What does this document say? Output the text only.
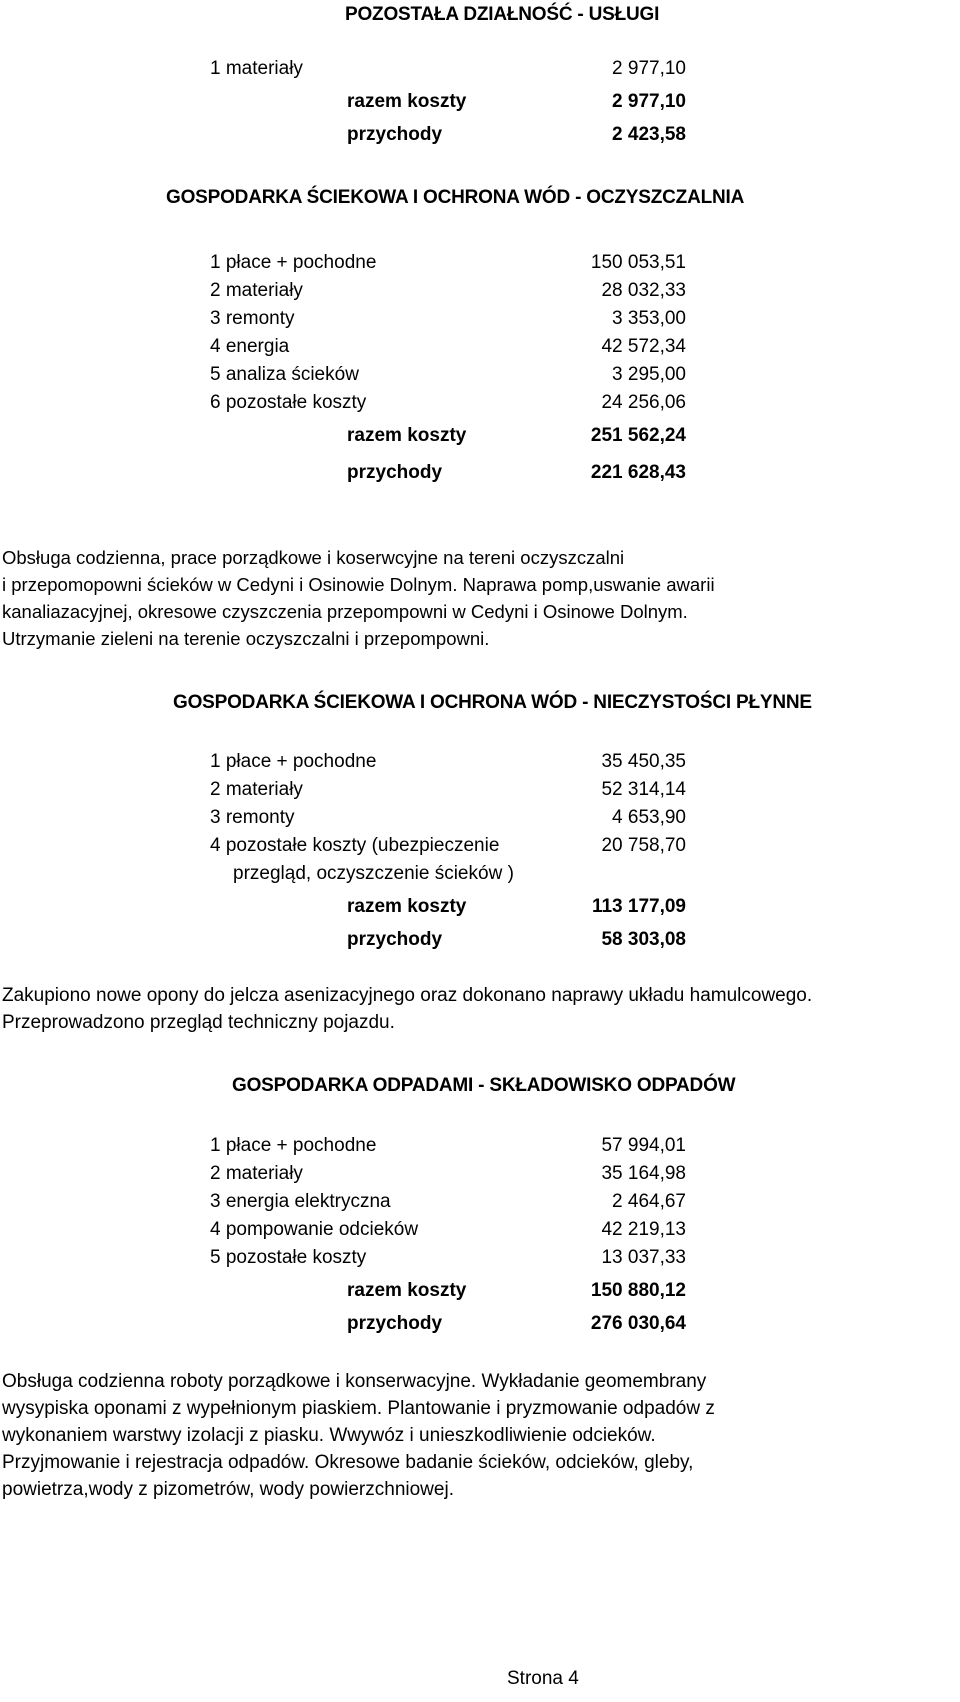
POZOSTAŁA DZIAŁNOŚĆ - USŁUGI
1 materiały	2 977,10
razem koszty	2 977,10
przychody	2 423,58
GOSPODARKA ŚCIEKOWA I OCHRONA WÓD - OCZYSZCZALNIA
1 płace + pochodne	150 053,51
2 materiały	28 032,33
3 remonty	3 353,00
4 energia	42 572,34
5 analiza ścieków	3 295,00
6 pozostałe koszty	24 256,06
razem koszty	251 562,24
przychody	221 628,43
Obsługa codzienna, prace porządkowe i koserwcyjne na tereni oczyszczalni
i przepomopowni ścieków w Cedyni i Osinowie Dolnym. Naprawa pomp,uswanie awarii
kanaliazacyjnej, okresowe czyszczenia przepompowni w Cedyni i Osinowe Dolnym.
Utrzymanie zieleni na terenie oczyszczalni i przepompowni.
GOSPODARKA ŚCIEKOWA I OCHRONA WÓD - NIECZYSTOŚCI PŁYNNE
1 płace + pochodne	35 450,35
2 materiały	52 314,14
3 remonty	4 653,90
4 pozostałe koszty (ubezpieczenie	20 758,70
przegląd, oczyszczenie ścieków )
razem koszty	113 177,09
przychody	58 303,08
Zakupiono nowe opony do jelcza asenizacyjnego oraz dokonano naprawy układu hamulcowego.
Przeprowadzono przegląd techniczny pojazdu.
GOSPODARKA ODPADAMI - SKŁADOWISKO ODPADÓW
1 płace + pochodne	57 994,01
2 materiały	35 164,98
3 energia elektryczna	2 464,67
4 pompowanie odcieków	42 219,13
5 pozostałe koszty	13 037,33
razem koszty	150 880,12
przychody	276 030,64
Obsługa codzienna roboty porządkowe i konserwacyjne. Wykładanie geomembrany
wysypiska oponami z wypełnionym piaskiem. Plantowanie i pryzmowanie odpadów z
wykonaniem warstwy izolacji z piasku. Wwywóz i unieszkodliwienie odcieków.
Przyjmowanie i rejestracja odpadów. Okresowe badanie ścieków, odcieków, gleby,
powietrza,wody z pizometrów, wody powierzchniowej.
Strona 4
